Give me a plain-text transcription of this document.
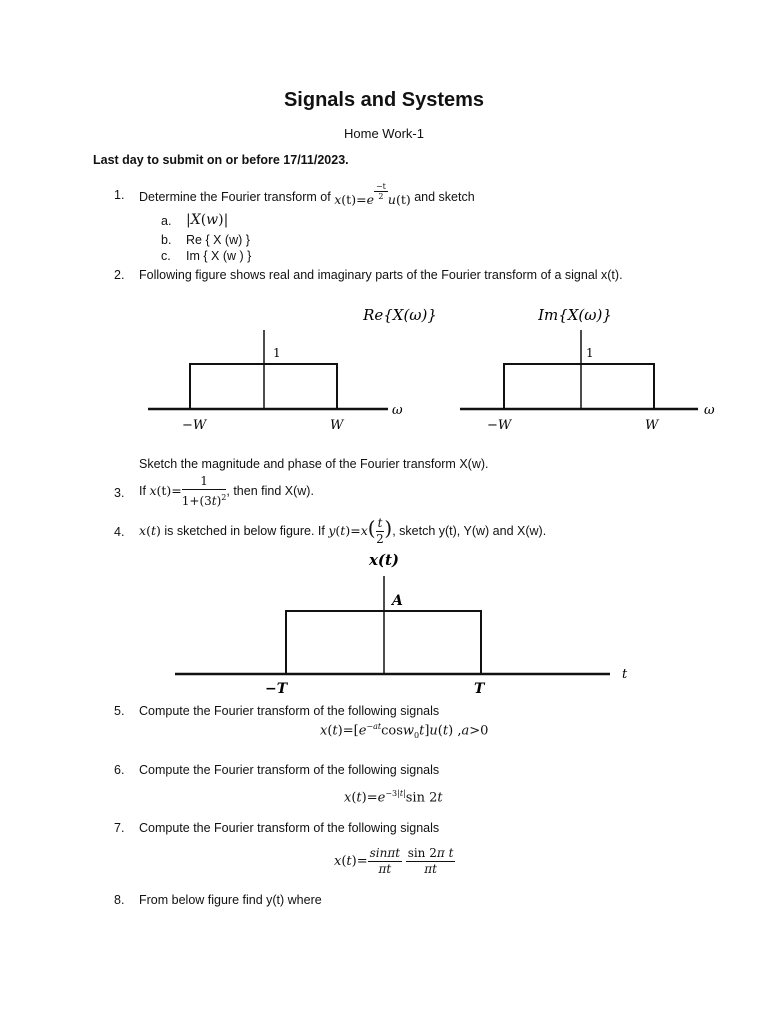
Signals and Systems
Home Work-1
Last day to submit on or before 17/11/2023.
1. Determine the Fourier transform of $x(t)=e \frac{-t}{2} u(t)$ and sketch
a. |X(w)|
b. Re { X (w) }
c. Im { X (w ) }
2. Following figure shows real and imaginary parts of the Fourier transform of a signal x(t).
Re{X(ω)}
1
−W	W
ω
Im{X(ω)}
1
−W	W
ω
Sketch the magnitude and phase of the Fourier transform X(w).
3. If $x(t)= \frac{1}{1+(3t)^2}$ , then find X(w).
4. x(t) is sketched in below figure. If $y(t)=x( \frac{t}{2}$ ), sketch y(t), Y(w) and X(w).
x(t)
A
−T	T
t
5. Compute the Fourier transform of the following signals
$x(t)=[e^{-at}\cos w_0t]u(t)$ ,a>0
6. Compute the Fourier transform of the following signals
$x(t)=e^{-3|t|}\sin$ 2t
7. Compute the Fourier transform of the following signals
$x(t)= \frac{\sin\pi t}{\pi t}$
$\frac{\text{sin 2π t}}{\pi t}$
8. From below figure find y(t) where
